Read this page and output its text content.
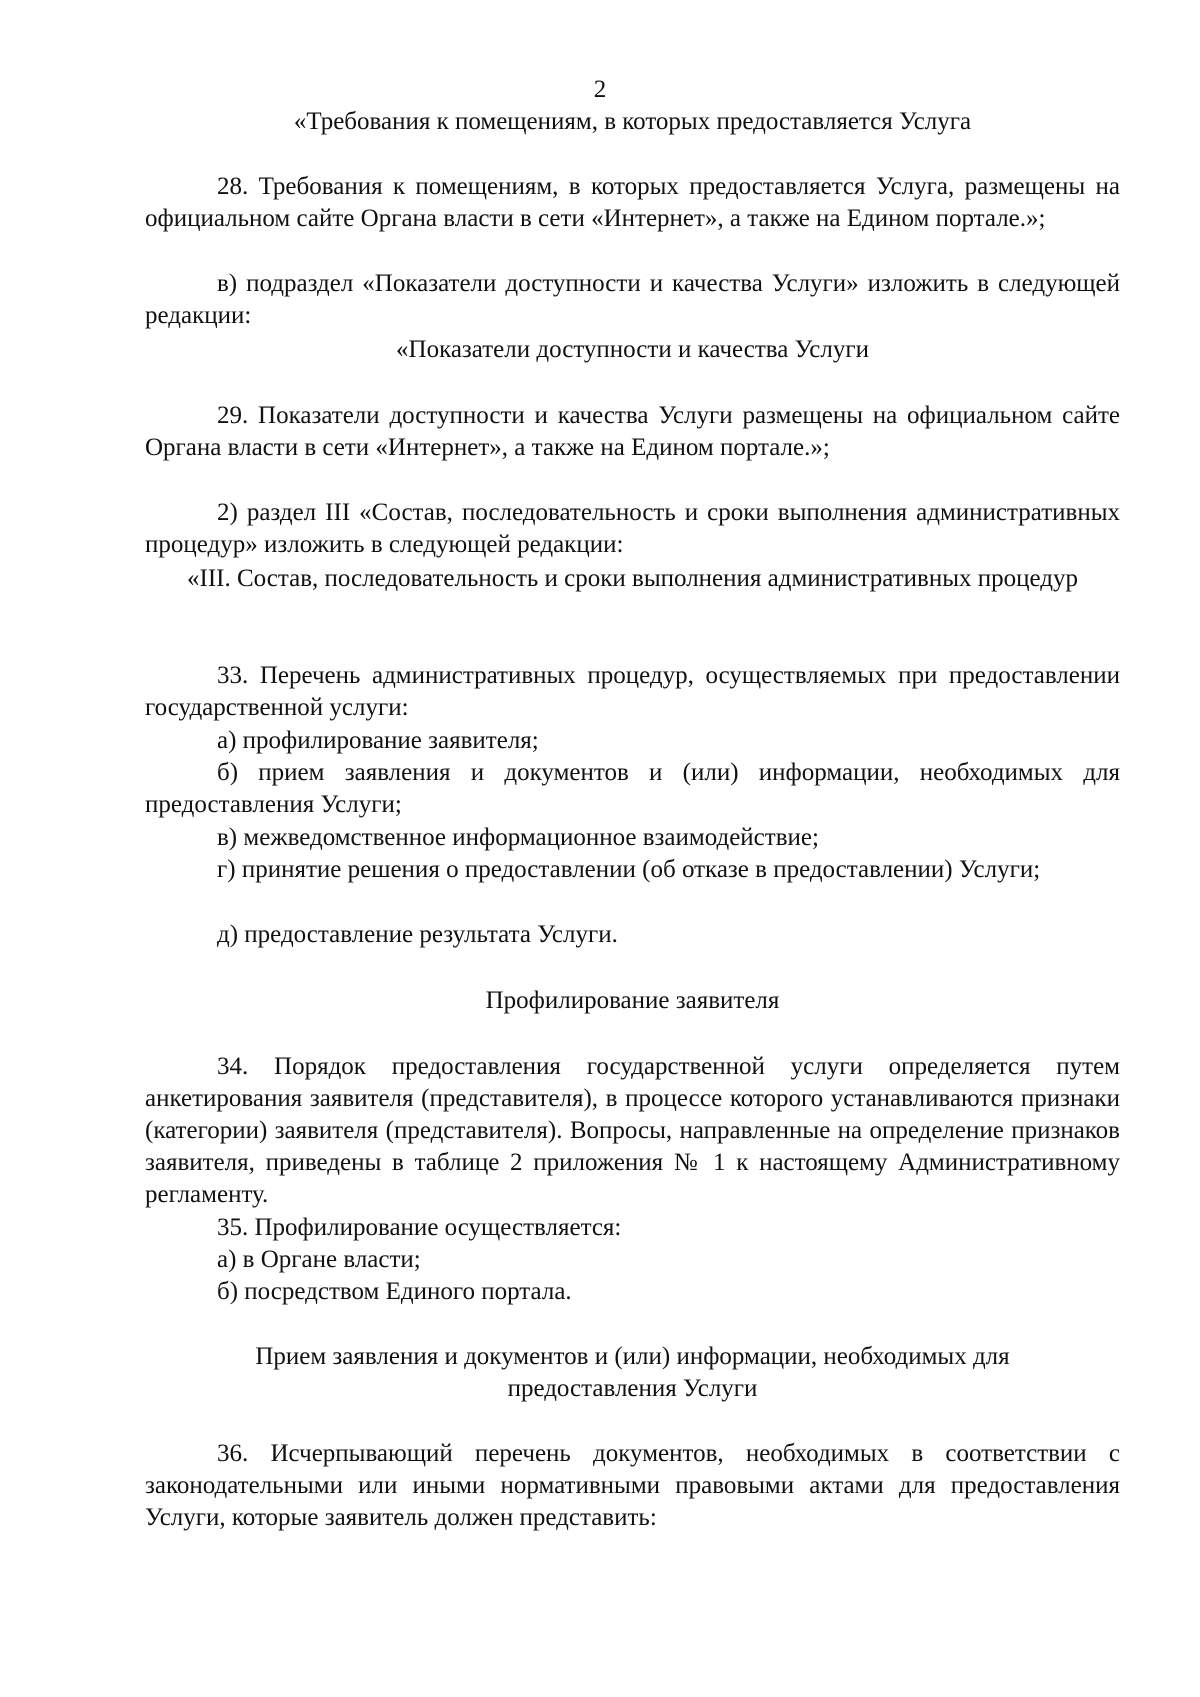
2
«Требования к помещениям, в которых предоставляется Услуга
28. Требования к помещениям, в которых предоставляется Услуга, размещены на официальном сайте Органа власти в сети «Интернет», а также на Едином портале.»;
в) подраздел «Показатели доступности и качества Услуги» изложить в следующей редакции:
«Показатели доступности и качества Услуги
29. Показатели доступности и качества Услуги размещены на официальном сайте Органа власти в сети «Интернет», а также на Едином портале.»;
2) раздел III «Состав, последовательность и сроки выполнения административных процедур» изложить в следующей редакции:
«III. Состав, последовательность и сроки выполнения административных процедур
33. Перечень административных процедур, осуществляемых при предоставлении государственной услуги:
а) профилирование заявителя;
б) прием заявления и документов и (или) информации, необходимых для предоставления Услуги;
в) межведомственное информационное взаимодействие;
г) принятие решения о предоставлении (об отказе в предоставлении) Услуги;
д) предоставление результата Услуги.
Профилирование заявителя
34. Порядок предоставления государственной услуги определяется путем анкетирования заявителя (представителя), в процессе которого устанавливаются признаки (категории) заявителя (представителя). Вопросы, направленные на определение признаков заявителя, приведены в таблице 2 приложения № 1 к настоящему Административному регламенту.
35. Профилирование осуществляется:
а) в Органе власти;
б) посредством Единого портала.
Прием заявления и документов и (или) информации, необходимых для предоставления Услуги
36. Исчерпывающий перечень документов, необходимых в соответствии с законодательными или иными нормативными правовыми актами для предоставления Услуги, которые заявитель должен представить:
